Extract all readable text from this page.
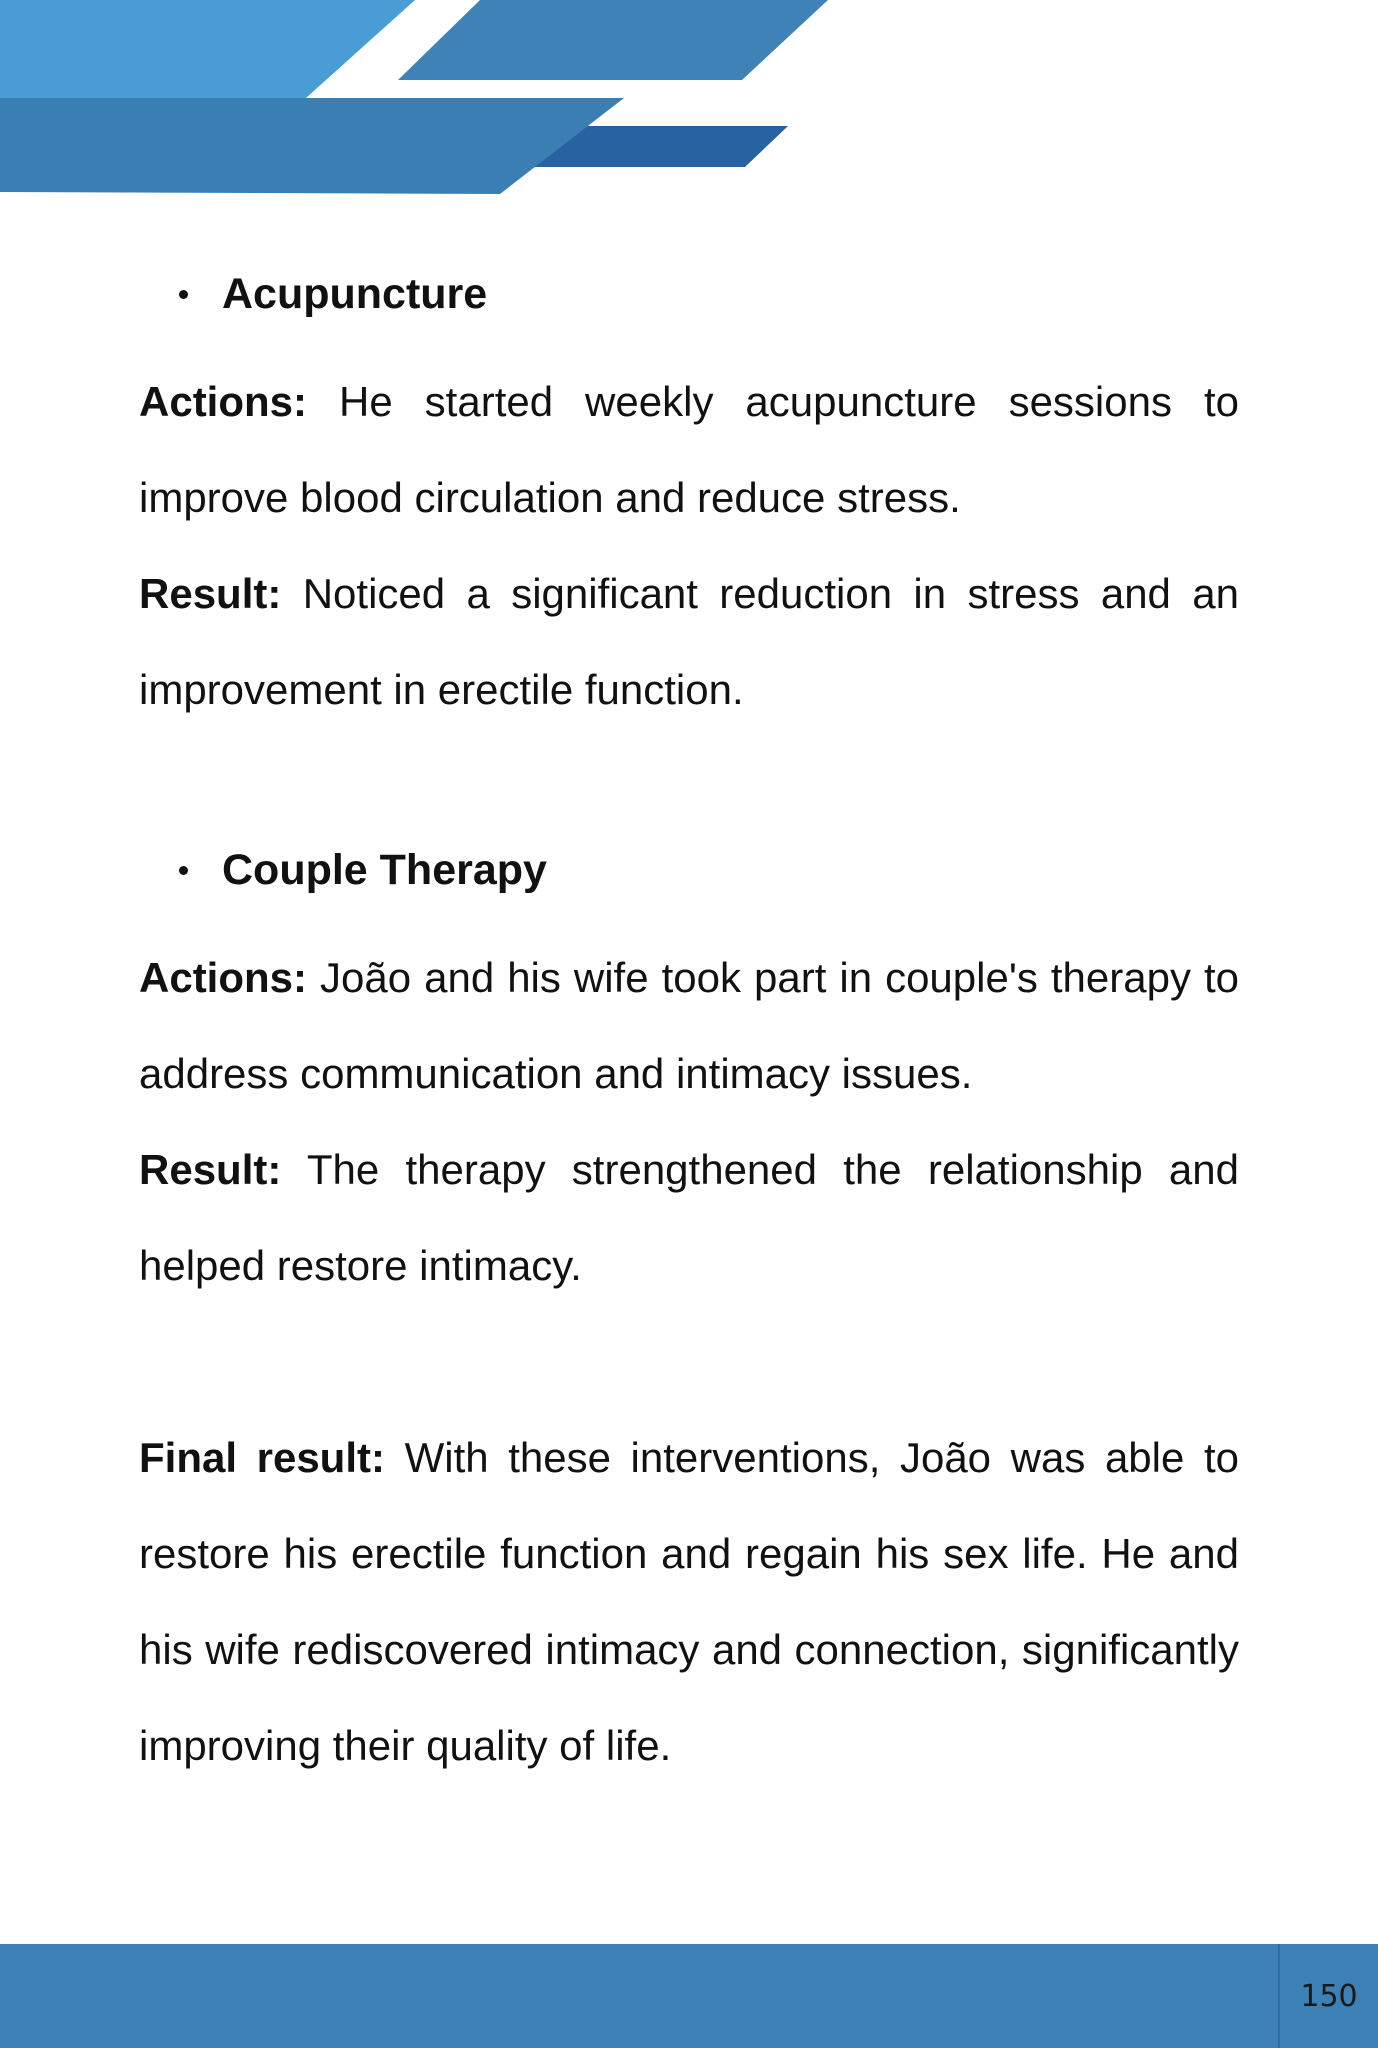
Acupuncture

Actions: He started weekly acupuncture sessions to improve blood circulation and reduce stress.

Result: Noticed a significant reduction in stress and an improvement in erectile function.

Couple Therapy

Actions: João and his wife took part in couple's therapy to address communication and intimacy issues.

Result: The therapy strengthened the relationship and helped restore intimacy.

Final result: With these interventions, João was able to restore his erectile function and regain his sex life. He and his wife rediscovered intimacy and connection, significantly improving their quality of life.

150
